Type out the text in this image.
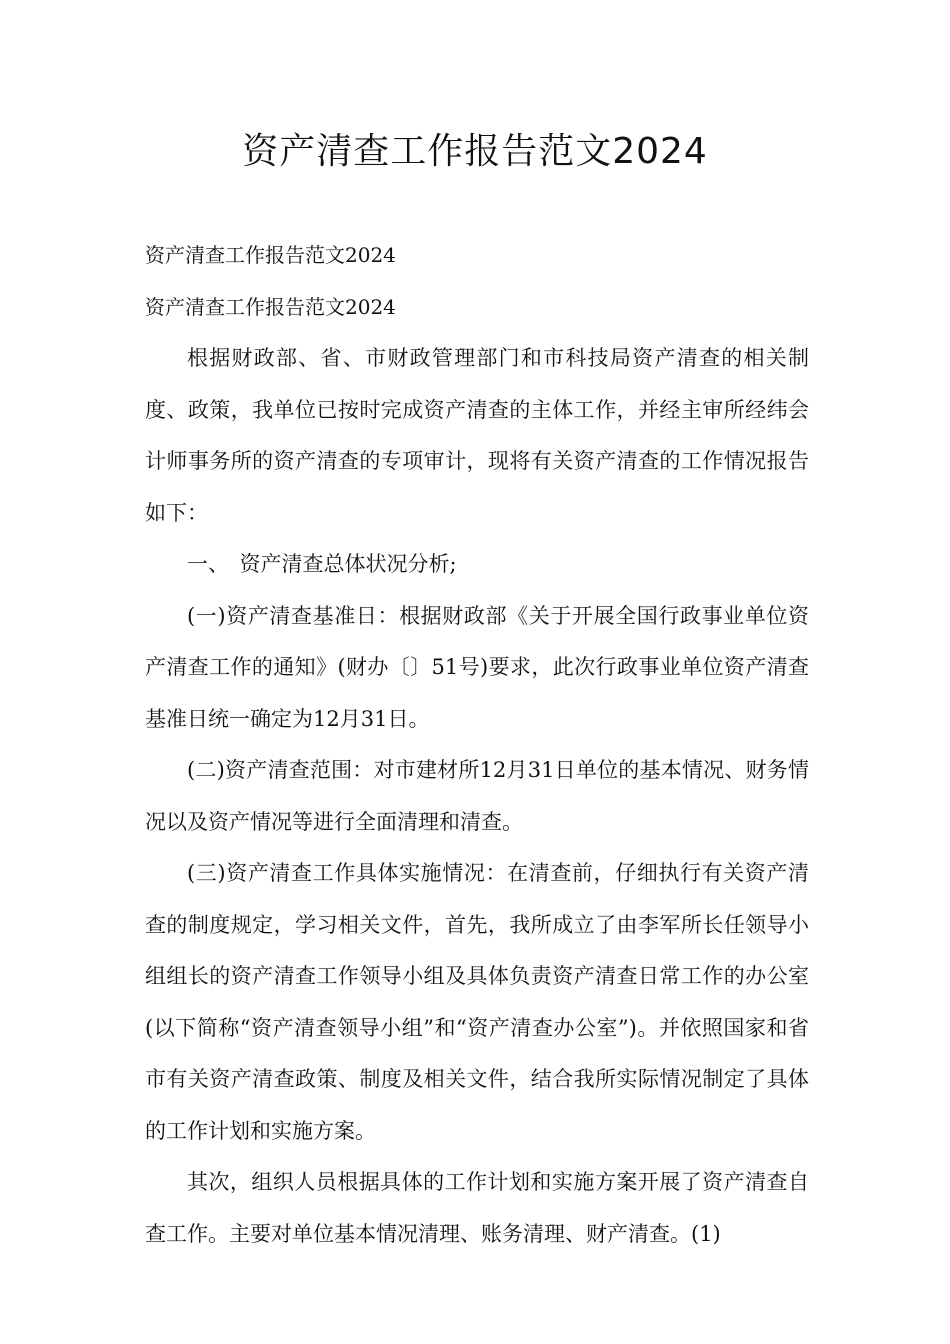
资产清查工作报告范文2024

资产清查工作报告范文2024

资产清查工作报告范文2024

根据财政部、省、市财政管理部门和市科技局资产清查的相关制度、政策，我单位已按时完成资产清查的主体工作，并经主审所经纬会计师事务所的资产清查的专项审计，现将有关资产清查的工作情况报告如下：

一、　资产清查总体状况分析;

(一)资产清查基准日：根据财政部《关于开展全国行政事业单位资产清查工作的通知》(财办〔〕51号)要求，此次行政事业单位资产清查基准日统一确定为12月31日。

(二)资产清查范围：对市建材所12月31日单位的基本情况、财务情况以及资产情况等进行全面清理和清查。

(三)资产清查工作具体实施情况：在清查前，仔细执行有关资产清查的制度规定，学习相关文件，首先，我所成立了由李军所长任领导小组组长的资产清查工作领导小组及具体负责资产清查日常工作的办公室(以下简称“资产清查领导小组”和“资产清查办公室”)。并依照国家和省市有关资产清查政策、制度及相关文件，结合我所实际情况制定了具体的工作计划和实施方案。

其次，组织人员根据具体的工作计划和实施方案开展了资产清查自查工作。主要对单位基本情况清理、账务清理、财产清查。(1)
